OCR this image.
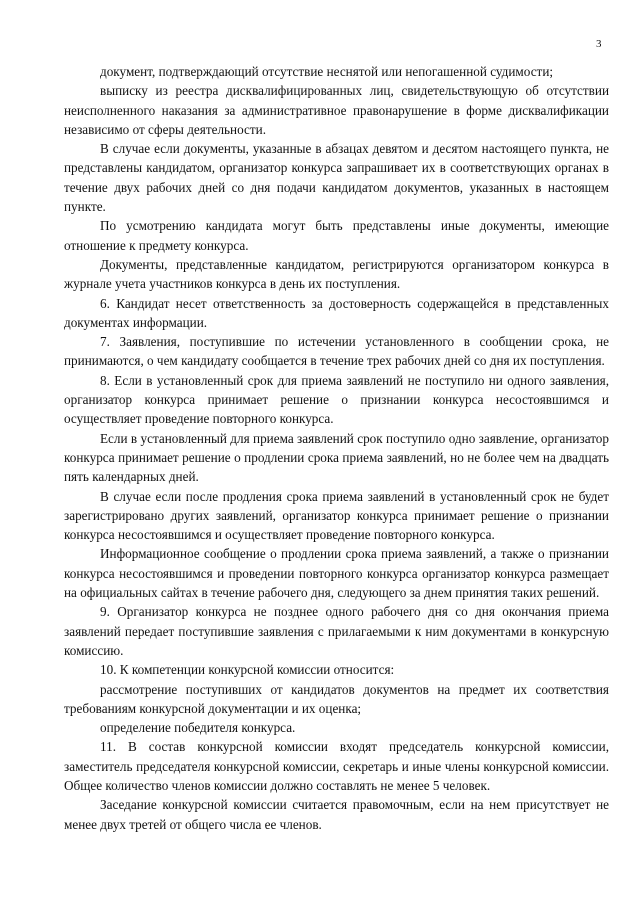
3

документ, подтверждающий отсутствие неснятой или непогашенной судимости;

выписку из реестра дисквалифицированных лиц, свидетельствующую об отсутствии неисполненного наказания за административное правонарушение в форме дисквалификации независимо от сферы деятельности.

В случае если документы, указанные в абзацах девятом и десятом настоящего пункта, не представлены кандидатом, организатор конкурса запрашивает их в соответствующих органах в течение двух рабочих дней со дня подачи кандидатом документов, указанных в настоящем пункте.

По усмотрению кандидата могут быть представлены иные документы, имеющие отношение к предмету конкурса.

Документы, представленные кандидатом, регистрируются организатором конкурса в журнале учета участников конкурса в день их поступления.

6. Кандидат несет ответственность за достоверность содержащейся в представленных документах информации.

7. Заявления, поступившие по истечении установленного в сообщении срока, не принимаются, о чем кандидату сообщается в течение трех рабочих дней со дня их поступления.

8. Если в установленный срок для приема заявлений не поступило ни одного заявления, организатор конкурса принимает решение о признании конкурса несостоявшимся и осуществляет проведение повторного конкурса.

Если в установленный для приема заявлений срок поступило одно заявление, организатор конкурса принимает решение о продлении срока приема заявлений, но не более чем на двадцать пять календарных дней.

В случае если после продления срока приема заявлений в установленный срок не будет зарегистрировано других заявлений, организатор конкурса принимает решение о признании конкурса несостоявшимся и осуществляет проведение повторного конкурса.

Информационное сообщение о продлении срока приема заявлений, а также о признании конкурса несостоявшимся и проведении повторного конкурса организатор конкурса размещает на официальных сайтах в течение рабочего дня, следующего за днем принятия таких решений.

9. Организатор конкурса не позднее одного рабочего дня со дня окончания приема заявлений передает поступившие заявления с прилагаемыми к ним документами в конкурсную комиссию.

10. К компетенции конкурсной комиссии относится:

рассмотрение поступивших от кандидатов документов на предмет их соответствия требованиям конкурсной документации и их оценка;

определение победителя конкурса.

11. В состав конкурсной комиссии входят председатель конкурсной комиссии, заместитель председателя конкурсной комиссии, секретарь и иные члены конкурсной комиссии. Общее количество членов комиссии должно составлять не менее 5 человек.

Заседание конкурсной комиссии считается правомочным, если на нем присутствует не менее двух третей от общего числа ее членов.
